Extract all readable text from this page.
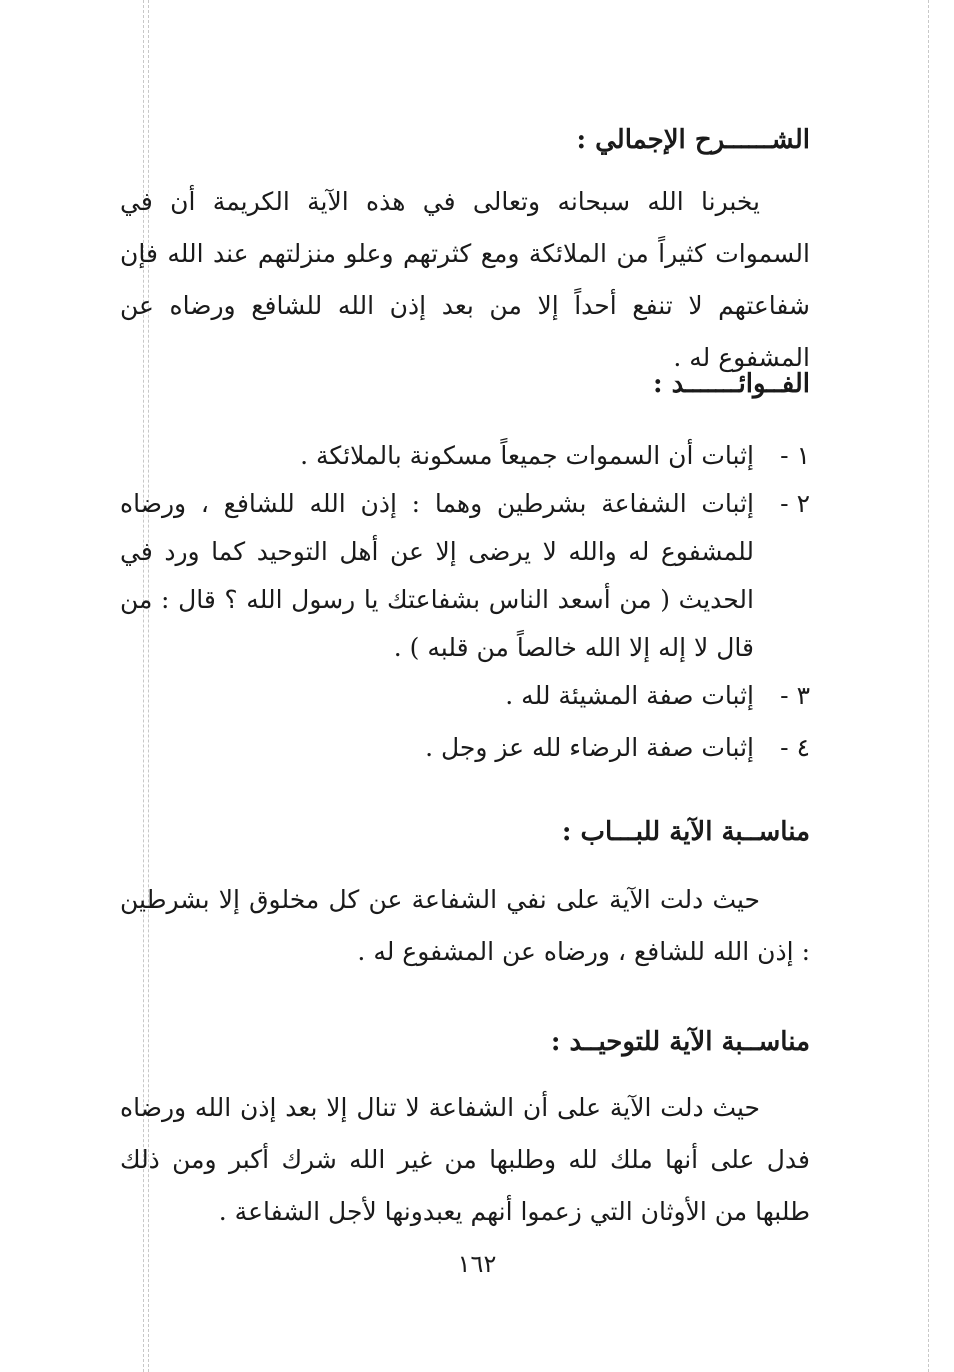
الشــــــرح الإجمالي :

يخبرنا الله سبحانه وتعالى في هذه الآية الكريمة أن في السموات كثيراً من الملائكة ومع كثرتهم وعلو منزلتهم عند الله فإن شفاعتهم لا تنفع أحداً إلا من بعد إذن الله للشافع ورضاه عن المشفوع له .

الفــوائـــــــد :
١ -
إثبات أن السموات جميعاً مسكونة بالملائكة .
٢ -
إثبات الشفاعة بشرطين وهما : إذن الله للشافع ، ورضاه للمشفوع له والله لا يرضى إلا عن أهل التوحيد كما ورد في الحديث ( من أسعد الناس بشفاعتك يا رسول الله ؟ قال : من قال لا إله إلا الله خالصاً من قلبه ) .
٣ -
إثبات صفة المشيئة لله .
٤ -
إثبات صفة الرضاء لله عز وجل .
مناســبة الآية للبـــاب :

حيث دلت الآية على نفي الشفاعة عن كل مخلوق إلا بشرطين : إذن الله للشافع ، ورضاه عن المشفوع له .

مناســبة الآية للتوحيــد :

حيث دلت الآية على أن الشفاعة لا تنال إلا بعد إذن الله ورضاه فدل على أنها ملك لله وطلبها من غير الله شرك أكبر ومن ذلك طلبها من الأوثان التي زعموا أنهم يعبدونها لأجل الشفاعة .

١٦٢
